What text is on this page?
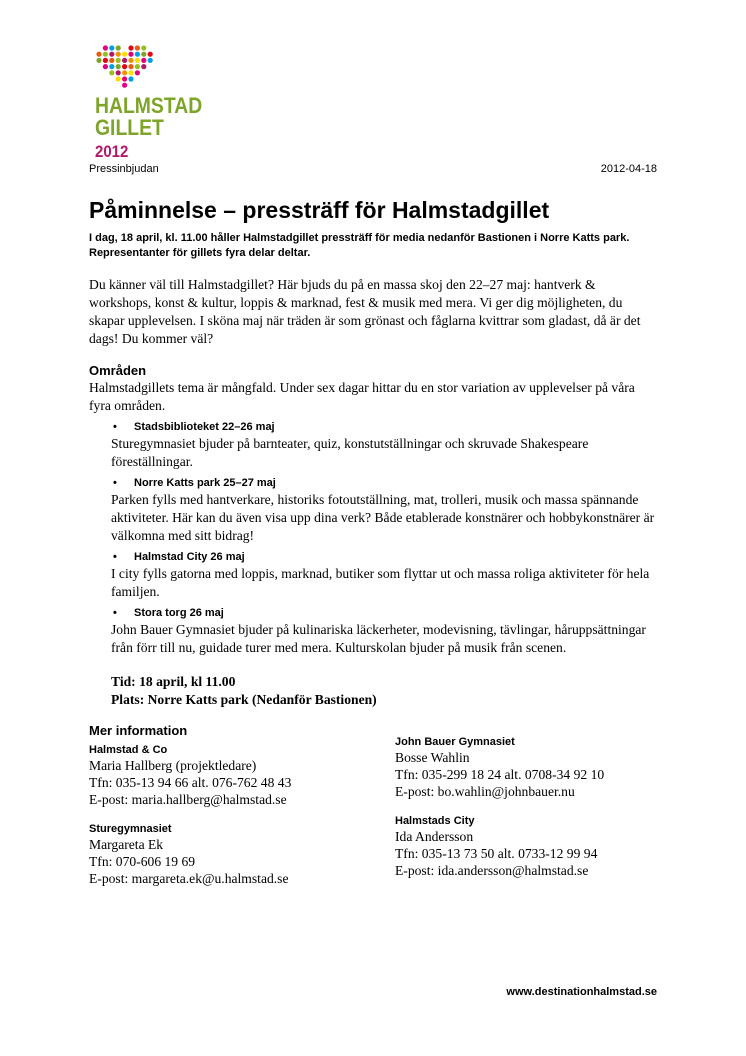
HALMSTAD
GILLET 2012
Pressinbjudan	2012-04-18
Påminnelse – pressträff för Halmstadgillet

I dag, 18 april, kl. 11.00 håller Halmstadgillet pressträff för media nedanför Bastionen i Norre Katts park. Representanter för gillets fyra delar deltar.

Du känner väl till Halmstadgillet? Här bjuds du på en massa skoj den 22–27 maj: hantverk & workshops, konst & kultur, loppis & marknad, fest & musik med mera. Vi ger dig möjligheten, du skapar upplevelsen. I sköna maj när träden är som grönast och fåglarna kvittrar som gladast, då är det dags! Du kommer väl?

Områden

Halmstadgillets tema är mångfald. Under sex dagar hittar du en stor variation av upplevelser på våra fyra områden.

• Stadsbiblioteket 22–26 maj
Sturegymnasiet bjuder på barnteater, quiz, konstutställningar och skruvade Shakespeare föreställningar.
• Norre Katts park 25–27 maj
Parken fylls med hantverkare, historiks fotoutställning, mat, trolleri, musik och massa spännande aktiviteter. Här kan du även visa upp dina verk? Både etablerade konstnärer och hobbykonstnärer är välkomna med sitt bidrag!
• Halmstad City 26 maj
I city fylls gatorna med loppis, marknad, butiker som flyttar ut och massa roliga aktiviteter för hela familjen.
• Stora torg 26 maj
John Bauer Gymnasiet bjuder på kulinariska läckerheter, modevisning, tävlingar, håruppsättningar från förr till nu, guidade turer med mera. Kulturskolan bjuder på musik från scenen.
Tid: 18 april, kl 11.00
Plats: Norre Katts park (Nedanför Bastionen)
Mer information
Halmstad & Co
Maria Hallberg (projektledare)
Tfn: 035-13 94 66 alt. 076-762 48 43
E-post: maria.hallberg@halmstad.se
Sturegymnasiet
Margareta Ek
Tfn: 070-606 19 69
E-post: margareta.ek@u.halmstad.se
John Bauer Gymnasiet
Bosse Wahlin
Tfn: 035-299 18 24 alt. 0708-34 92 10
E-post: bo.wahlin@johnbauer.nu
Halmstads City
Ida Andersson
Tfn: 035-13 73 50 alt. 0733-12 99 94
E-post: ida.andersson@halmstad.se
www.destinationhalmstad.se
